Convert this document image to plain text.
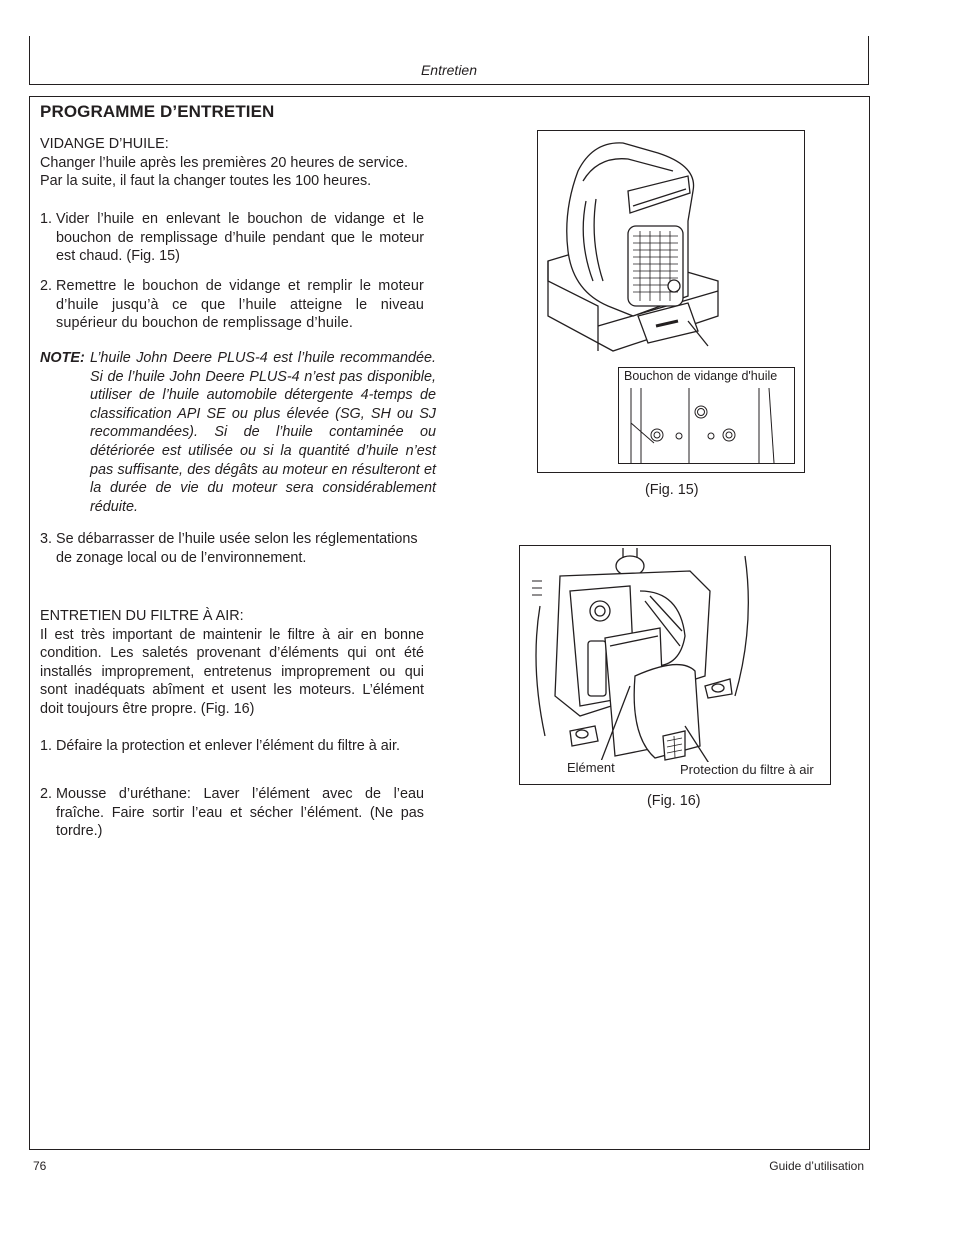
Entretien
PROGRAMME D’ENTRETIEN

VIDANGE D’HUILE:

Changer l’huile après les premières 20 heures de service.

Par la suite, il faut la changer toutes les 100 heures.

1. Vider l’huile en enlevant le bouchon de vidange et le bouchon de remplissage d’huile pendant que le moteur est chaud. (Fig. 15)
2. Remettre le bouchon de vidange et remplir le moteur d’huile jusqu’à ce que l’huile atteigne le niveau supérieur du bouchon de remplissage d’huile.
NOTE: L’huile John Deere PLUS-4 est l’huile recommandée. Si de l’huile John Deere PLUS-4 n’est pas disponible, utiliser de l’huile automobile détergente 4-temps de classification API SE ou plus élevée (SG, SH ou SJ recommandées). Si de l’huile contaminée ou détériorée est utilisée ou si la quantité d’huile n’est pas suffisante, des dégâts au moteur en résulteront et la durée de vie du moteur sera considérablement réduite.
3. Se débarrasser de l’huile usée selon les réglementations de zonage local ou de l’environnement.

ENTRETIEN DU FILTRE À AIR:

Il est très important de maintenir le filtre à air en bonne condition. Les saletés provenant d’éléments qui ont été installés improprement, entretenus improprement ou qui sont inadéquats abîment et usent les moteurs. L’élément doit toujours être propre. (Fig. 16)

1. Défaire la protection et enlever l’élément du filtre à air.
2. Mousse d’uréthane: Laver l’élément avec de l’eau fraîche. Faire sortir l’eau et sécher l’élément. (Ne pas tordre.)
Bouchon de vidange d'huile
(Fig. 15)
Elément	Protection du filtre à air
(Fig. 16)
76	Guide d’utilisation
